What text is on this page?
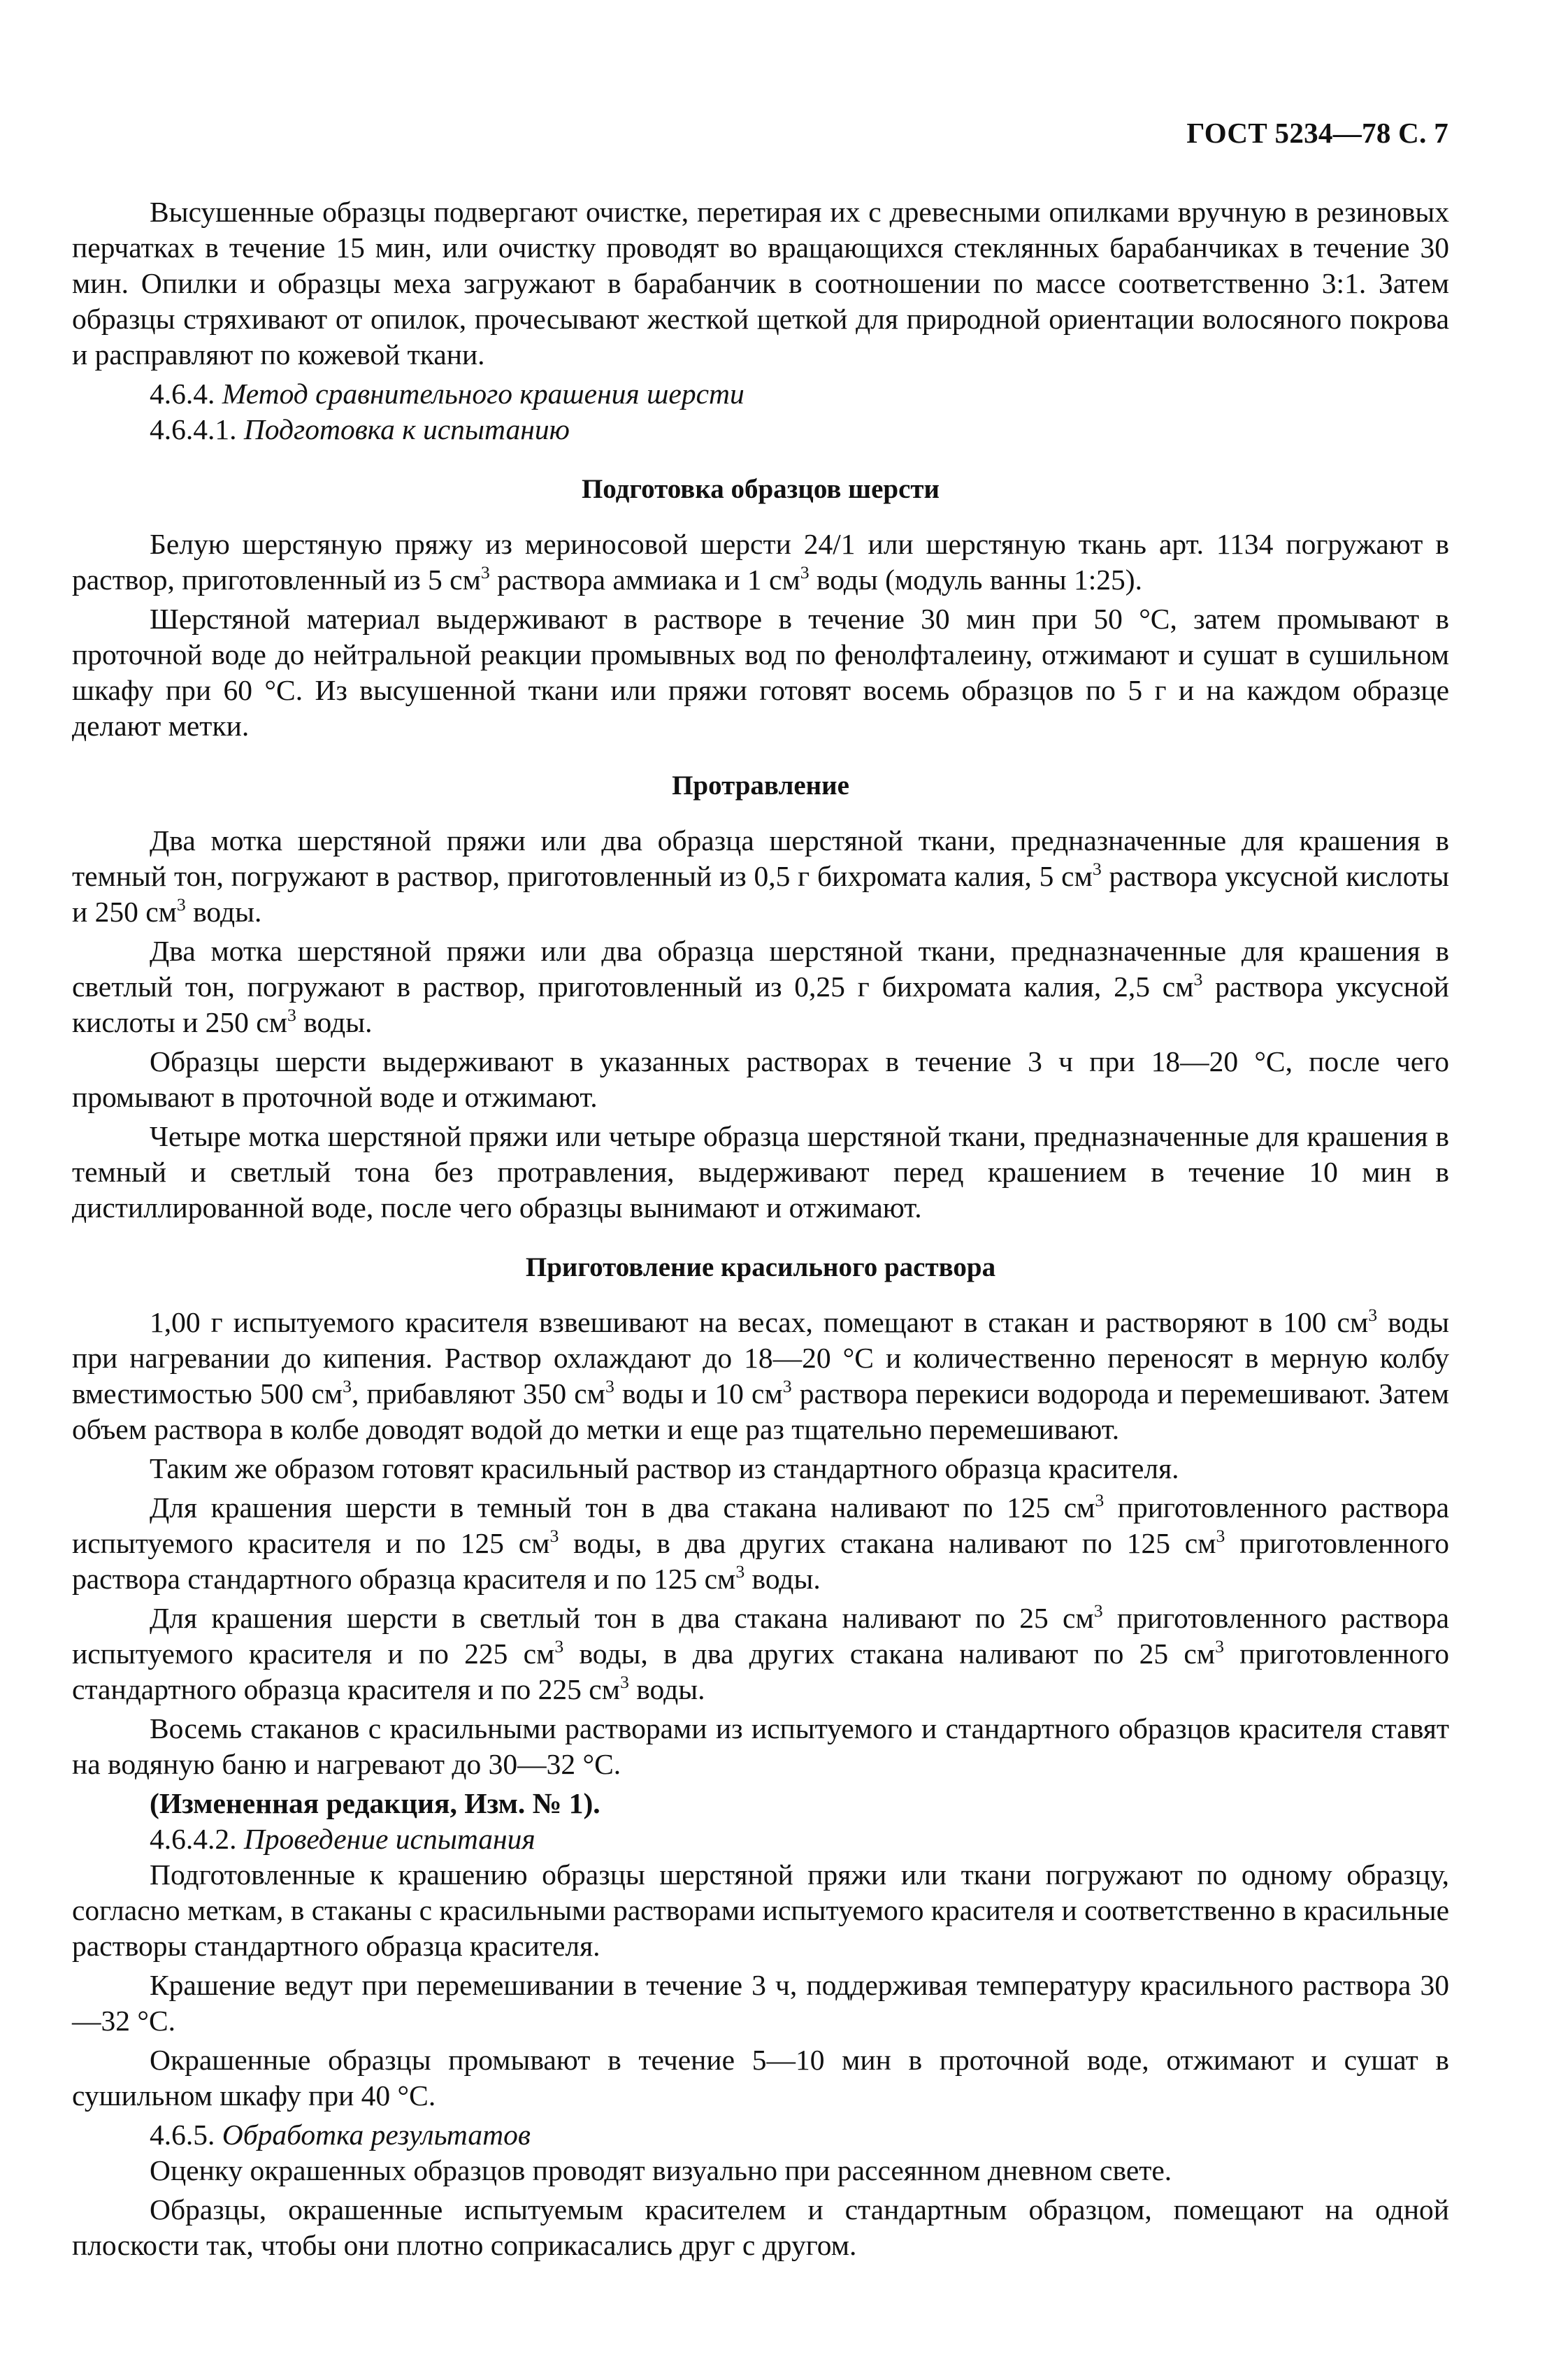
ГОСТ 5234—78 С. 7

Высушенные образцы подвергают очистке, перетирая их с древесными опилками вручную в резиновых перчатках в течение 15 мин, или очистку проводят во вращающихся стеклянных барабанчиках в течение 30 мин. Опилки и образцы меха загружают в барабанчик в соотношении по массе соответственно 3:1. Затем образцы стряхивают от опилок, прочесывают жесткой щеткой для природной ориентации волосяного покрова и расправляют по кожевой ткани.

4.6.4. Метод сравнительного крашения шерсти

4.6.4.1. Подготовка к испытанию

Подготовка образцов шерсти

Белую шерстяную пряжу из мериносовой шерсти 24/1 или шерстяную ткань арт. 1134 погружают в раствор, приготовленный из 5 $см^3$ раствора аммиака и 1 $см^3$ воды (модуль ванны 1:25).

Шерстяной материал выдерживают в растворе в течение 30 мин при 50 °С, затем промывают в проточной воде до нейтральной реакции промывных вод по фенолфталеину, отжимают и сушат в сушильном шкафу при 60 °С. Из высушенной ткани или пряжи готовят восемь образцов по 5 г и на каждом образце делают метки.

Протравление

Два мотка шерстяной пряжи или два образца шерстяной ткани, предназначенные для крашения в темный тон, погружают в раствор, приготовленный из 0,5 г бихромата калия, 5 $см^3$ раствора уксусной кислоты и 250 $см^3$ воды.

Два мотка шерстяной пряжи или два образца шерстяной ткани, предназначенные для крашения в светлый тон, погружают в раствор, приготовленный из 0,25 г бихромата калия, 2,5 $см^3$ раствора уксусной кислоты и 250 $см^3$ воды.

Образцы шерсти выдерживают в указанных растворах в течение 3 ч при 18—20 °С, после чего промывают в проточной воде и отжимают.

Четыре мотка шерстяной пряжи или четыре образца шерстяной ткани, предназначенные для крашения в темный и светлый тона без протравления, выдерживают перед крашением в течение 10 мин в дистиллированной воде, после чего образцы вынимают и отжимают.

Приготовление красильного раствора

1,00 г испытуемого красителя взвешивают на весах, помещают в стакан и растворяют в 100 $см^3$ воды при нагревании до кипения. Раствор охлаждают до 18—20 °С и количественно переносят в мерную колбу вместимостью 500 $см^3$, прибавляют 350 $см^3$ воды и 10 $см^3$ раствора перекиси водорода и перемешивают. Затем объем раствора в колбе доводят водой до метки и еще раз тщательно перемешивают.

Таким же образом готовят красильный раствор из стандартного образца красителя.

Для крашения шерсти в темный тон в два стакана наливают по 125 $см^3$ приготовленного раствора испытуемого красителя и по 125 $см^3$ воды, в два других стакана наливают по 125 $см^3$ приготовленного раствора стандартного образца красителя и по 125 $см^3$ воды.

Для крашения шерсти в светлый тон в два стакана наливают по 25 $см^3$ приготовленного раствора испытуемого красителя и по 225 $см^3$ воды, в два других стакана наливают по 25 $см^3$ приготовленного стандартного образца красителя и по 225 $см^3$ воды.

Восемь стаканов с красильными растворами из испытуемого и стандартного образцов красителя ставят на водяную баню и нагревают до 30—32 °С.

(Измененная редакция, Изм. № 1).

4.6.4.2. Проведение испытания

Подготовленные к крашению образцы шерстяной пряжи или ткани погружают по одному образцу, согласно меткам, в стаканы с красильными растворами испытуемого красителя и соответственно в красильные растворы стандартного образца красителя.

Крашение ведут при перемешивании в течение 3 ч, поддерживая температуру красильного раствора 30—32 °С.

Окрашенные образцы промывают в течение 5—10 мин в проточной воде, отжимают и сушат в сушильном шкафу при 40 °С.

4.6.5. Обработка результатов

Оценку окрашенных образцов проводят визуально при рассеянном дневном свете.

Образцы, окрашенные испытуемым красителем и стандартным образцом, помещают на одной плоскости так, чтобы они плотно соприкасались друг с другом.
